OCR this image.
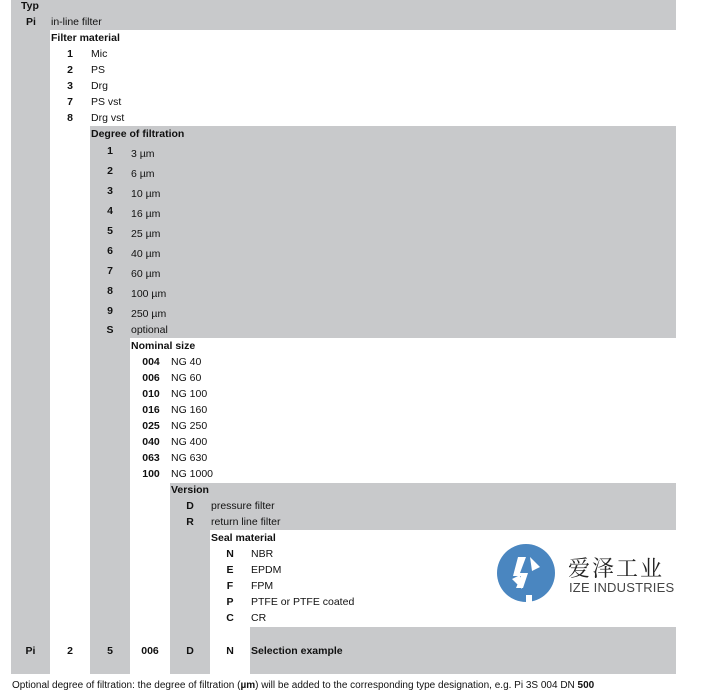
Typ
Pi in-line filter
Filter material
1	Mic
2	PS
3	Drg
7	PS vst
8	Drg vst
Degree of filtration
1	3 µm
2	6 µm
3	10 µm
4	16 µm
5	25 µm
6	40 µm
7	60 µm
8	100 µm
9	250 µm
S	optional
Nominal size
004	NG 40
006	NG 60
010	NG 100
016	NG 160
025	NG 250
040	NG 400
063	NG 630
100	NG 1000
Version
D	pressure filter
R	return line filter
Seal material
N	NBR
E	EPDM
F	FPM
P	PTFE or PTFE coated
C	CR
Pi	2	5	006	D	N	Selection example
爱泽工业
IZE INDUSTRIES
Optional degree of filtration: the degree of filtration (µm) will be added to the corresponding type designation, e.g. Pi 3S 004 DN 500
